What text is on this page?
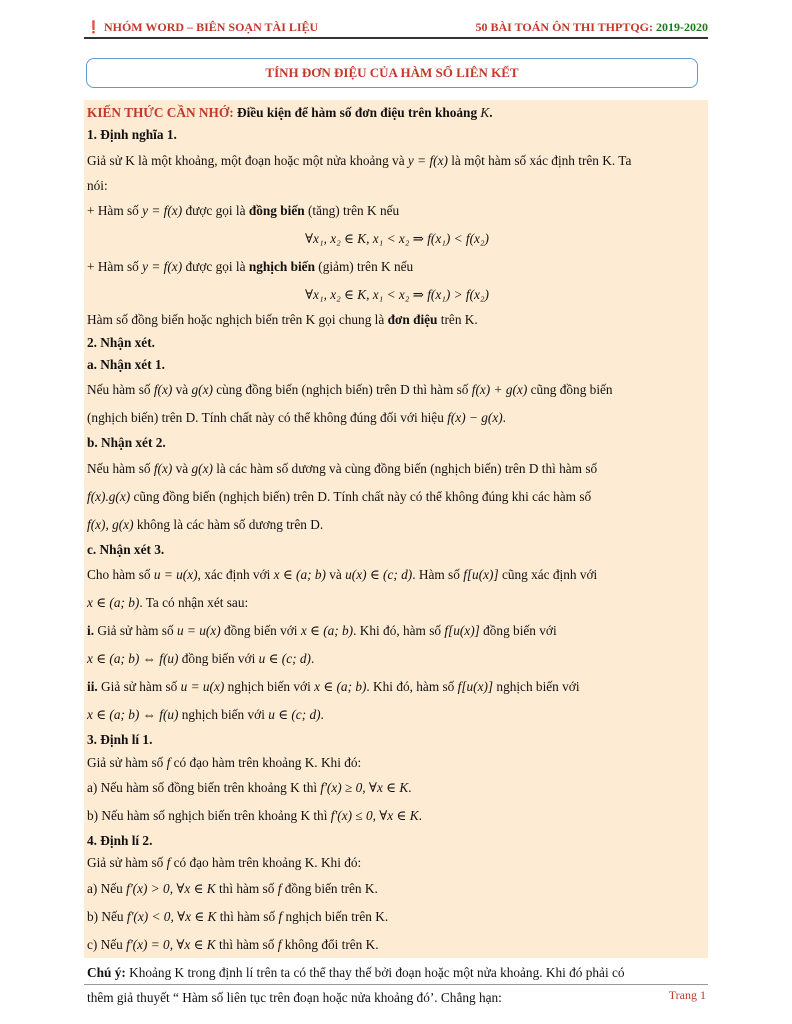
❗ NHÓM WORD – BIÊN SOẠN TÀI LIỆU	50 BÀI TOÁN ÔN THI THPTQG: 2019-2020
TÍNH ĐƠN ĐIỆU CỦA HÀM SỐ LIÊN KẾT

KIẾN THỨC CẦN NHỚ: Điều kiện để hàm số đơn điệu trên khoảng K.

1. Định nghĩa 1.

Giả sử K là một khoảng, một đoạn hoặc một nửa khoảng và y = f(x) là một hàm số xác định trên K. Ta

nói:

+ Hàm số y = f(x) được gọi là đồng biến (tăng) trên K nếu

∀x₁, x₂ ∈ K, x₁ < x₂ ⇒ f(x₁) < f(x₂)

+ Hàm số y = f(x) được gọi là nghịch biến (giảm) trên K nếu

∀x₁, x₂ ∈ K, x₁ < x₂ ⇒ f(x₁) > f(x₂)

Hàm số đồng biến hoặc nghịch biến trên K gọi chung là đơn điệu trên K.

2. Nhận xét.

a. Nhận xét 1.

Nếu hàm số f(x) và g(x) cùng đồng biến (nghịch biến) trên D thì hàm số f(x) + g(x) cũng đồng biến

(nghịch biến) trên D. Tính chất này có thể không đúng đối với hiệu f(x) − g(x).

b. Nhận xét 2.

Nếu hàm số f(x) và g(x) là các hàm số dương và cùng đồng biến (nghịch biến) trên D thì hàm số

f(x).g(x) cũng đồng biến (nghịch biến) trên D. Tính chất này có thể không đúng khi các hàm số

f(x), g(x) không là các hàm số dương trên D.

c. Nhận xét 3.

Cho hàm số u = u(x), xác định với x ∈ (a; b) và u(x) ∈ (c; d). Hàm số f[u(x)] cũng xác định với

x ∈ (a; b). Ta có nhận xét sau:

i. Giả sử hàm số u = u(x) đồng biến với x ∈ (a; b). Khi đó, hàm số f[u(x)] đồng biến với

x ∈ (a; b) ⇔ f(u) đồng biến với u ∈ (c; d).

ii. Giả sử hàm số u = u(x) nghịch biến với x ∈ (a; b). Khi đó, hàm số f[u(x)] nghịch biến với

x ∈ (a; b) ⇔ f(u) nghịch biến với u ∈ (c; d).

3. Định lí 1.

Giả sử hàm số f có đạo hàm trên khoảng K. Khi đó:

a) Nếu hàm số đồng biến trên khoảng K thì f'(x) ≥ 0, ∀x ∈ K.

b) Nếu hàm số nghịch biến trên khoảng K thì f'(x) ≤ 0, ∀x ∈ K.

4. Định lí 2.

Giả sử hàm số f có đạo hàm trên khoảng K. Khi đó:

a) Nếu f'(x) > 0, ∀x ∈ K thì hàm số f đồng biến trên K.

b) Nếu f'(x) < 0, ∀x ∈ K thì hàm số f nghịch biến trên K.

c) Nếu f'(x) = 0, ∀x ∈ K thì hàm số f không đổi trên K.

Chú ý: Khoảng K trong định lí trên ta có thể thay thế bởi đoạn hoặc một nửa khoảng. Khi đó phải có

thêm giả thuyết “ Hàm số liên tục trên đoạn hoặc nửa khoảng đó’. Chẳng hạn:	Trang 1
